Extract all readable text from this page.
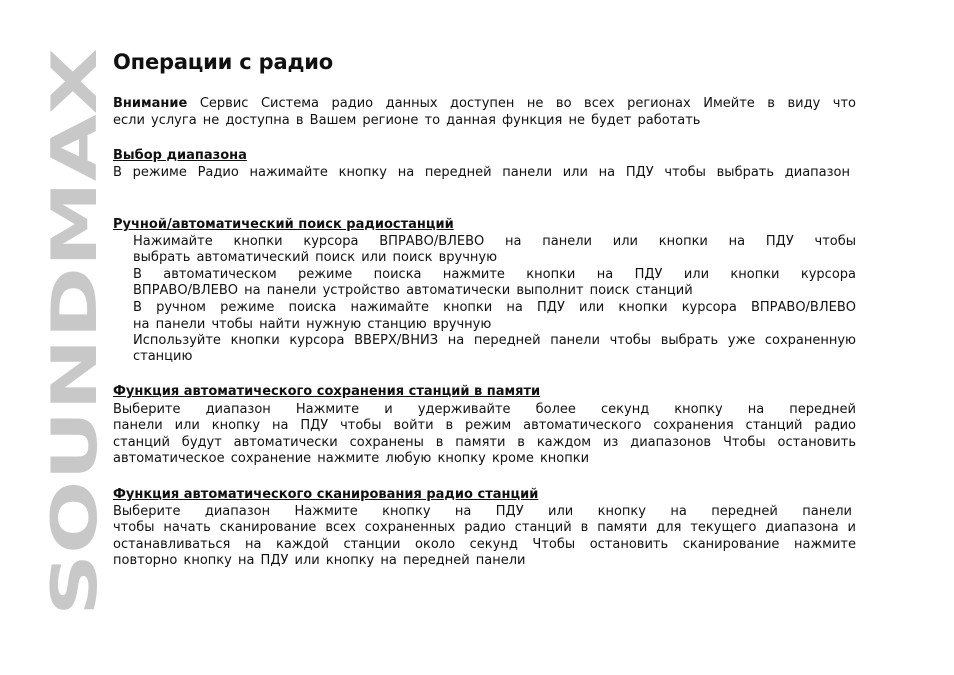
SOUNDMAX
Операции с радио
Внимание Сервис Система радио данных доступен не во всех регионах Имейте в виду что
если услуга не доступна в Вашем регионе то данная функция не будет работать
Выбор диапазона
В режиме Радио нажимайте кнопку на передней панели или на ПДУ чтобы выбрать диапазон
Ручной/автоматический поиск радиостанций
Нажимайте кнопки курсора ВПРАВО/ВЛЕВО на панели или кнопки на ПДУ чтобы
выбрать автоматический поиск или поиск вручную
В автоматическом режиме поиска нажмите кнопки на ПДУ или кнопки курсора
ВПРАВО/ВЛЕВО на панели устройство автоматически выполнит поиск станций
В ручном режиме поиска нажимайте кнопки на ПДУ или кнопки курсора ВПРАВО/ВЛЕВО
на панели чтобы найти нужную станцию вручную
Используйте кнопки курсора ВВЕРХ/ВНИЗ на передней панели чтобы выбрать уже сохраненную
станцию
Функция автоматического сохранения станций в памяти
Выберите диапазон Нажмите и удерживайте более секунд кнопку на передней
панели или кнопку на ПДУ чтобы войти в режим автоматического сохранения станций радио
станций будут автоматически сохранены в памяти в каждом из диапазонов Чтобы остановить
автоматическое сохранение нажмите любую кнопку кроме кнопки
Функция автоматического сканирования радио станций
Выберите диапазон Нажмите кнопку на ПДУ или кнопку на передней панели
чтобы начать сканирование всех сохраненных радио станций в памяти для текущего диапазона и
останавливаться на каждой станции около секунд Чтобы остановить сканирование нажмите
повторно кнопку на ПДУ или кнопку на передней панели
